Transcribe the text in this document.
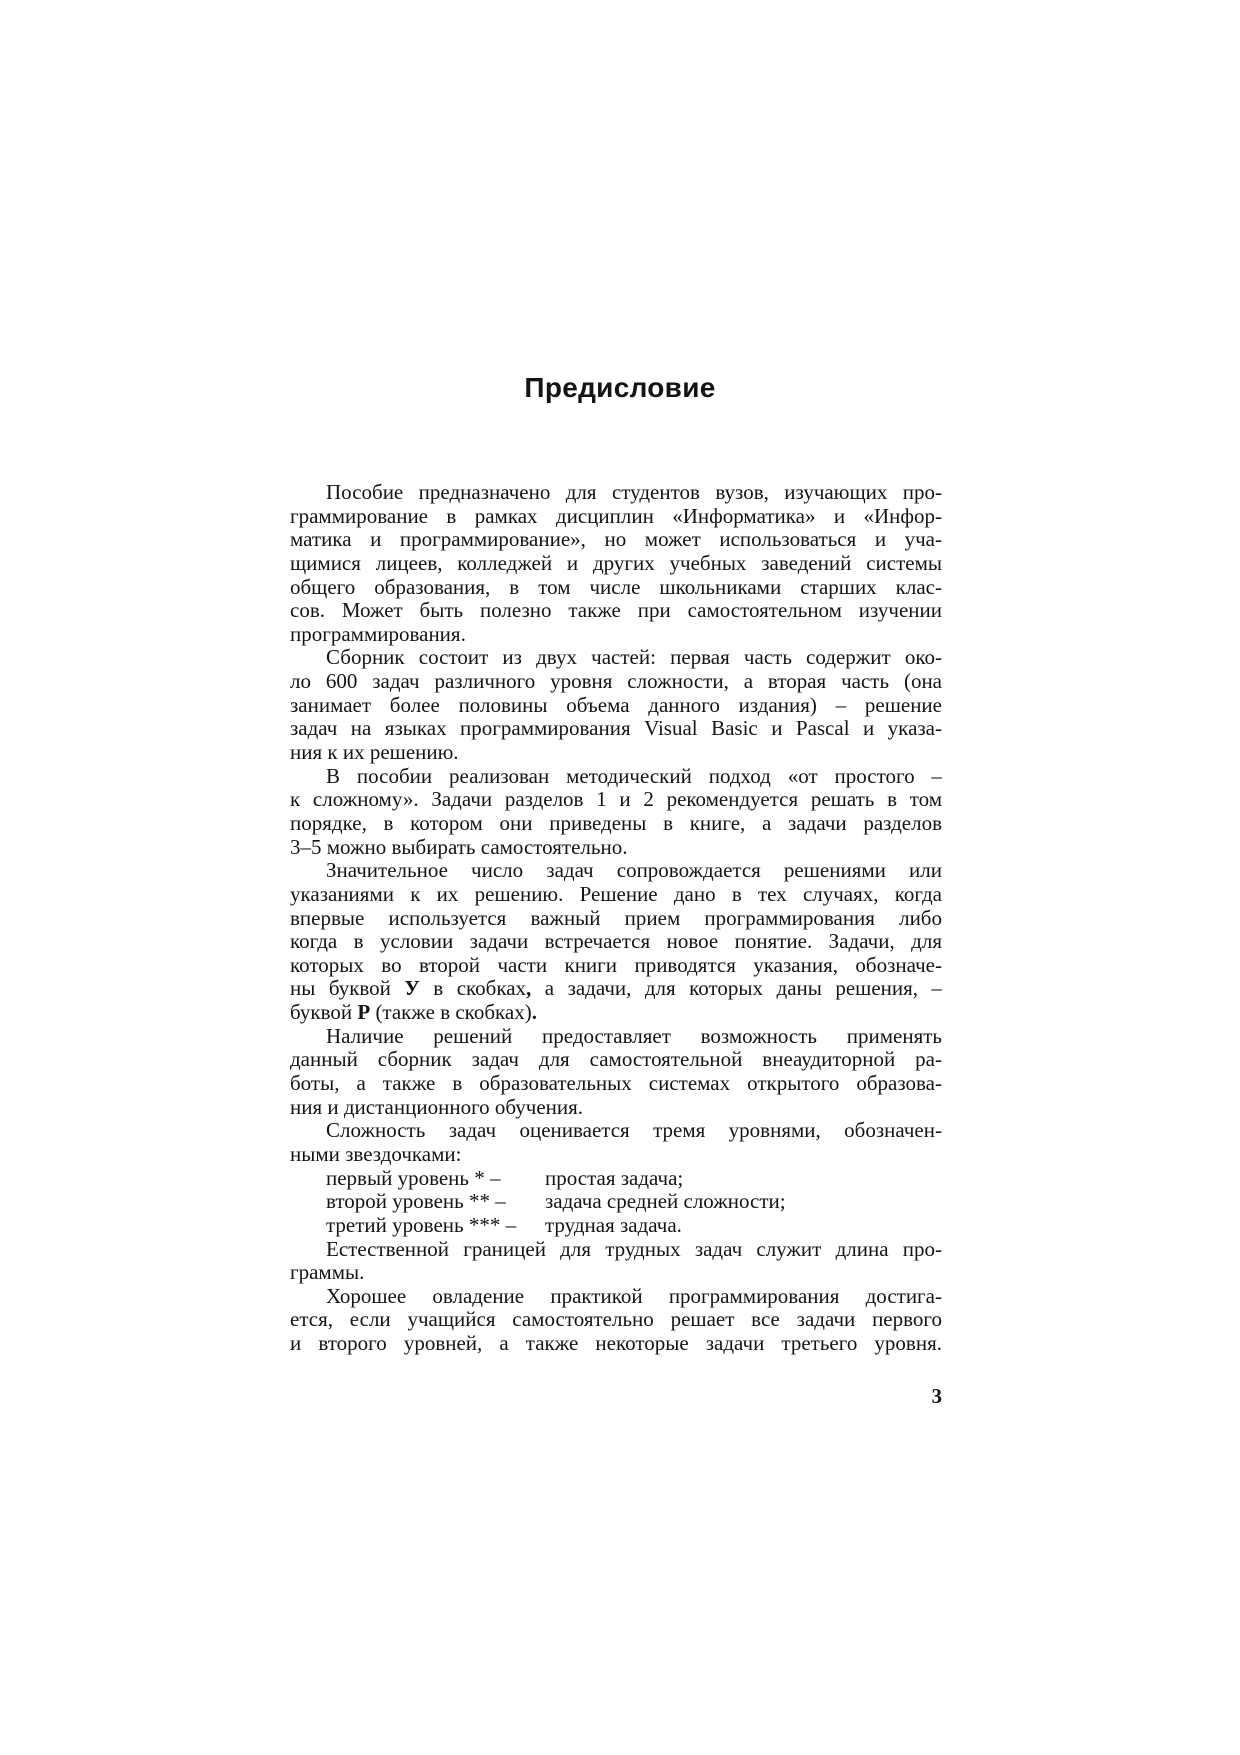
Предисловие
Пособие предназначено для студентов вузов, изучающих про-
граммирование в рамках дисциплин «Информатика» и «Инфор-
матика и программирование», но может использоваться и уча-
щимися лицеев, колледжей и других учебных заведений системы
общего образования, в том числе школьниками старших клас-
сов. Может быть полезно также при самостоятельном изучении
программирования.
Сборник состоит из двух частей: первая часть содержит око-
ло 600 задач различного уровня сложности, а вторая часть (она
занимает более половины объема данного издания) – решение
задач на языках программирования Visual Basic и Pascal и указа-
ния к их решению.
В пособии реализован методический подход «от простого –
к сложному». Задачи разделов 1 и 2 рекомендуется решать в том
порядке, в котором они приведены в книге, а задачи разделов
3–5 можно выбирать самостоятельно.
Значительное число задач сопровождается решениями или
указаниями к их решению. Решение дано в тех случаях, когда
впервые используется важный прием программирования либо
когда в условии задачи встречается новое понятие. Задачи, для
которых во второй части книги приводятся указания, обозначе-
ны буквой У в скобках, а задачи, для которых даны решения, –
буквой Р (также в скобках).
Наличие решений предоставляет возможность применять
данный сборник задач для самостоятельной внеаудиторной ра-
боты, а также в образовательных системах открытого образова-
ния и дистанционного обучения.
Сложность задач оценивается тремя уровнями, обозначен-
ными звездочками:
первый уровень * – простая задача;
второй уровень ** – задача средней сложности;
третий уровень *** – трудная задача.
Естественной границей для трудных задач служит длина про-
граммы.
Хорошее овладение практикой программирования достига-
ется, если учащийся самостоятельно решает все задачи первого
и второго уровней, а также некоторые задачи третьего уровня.
3
